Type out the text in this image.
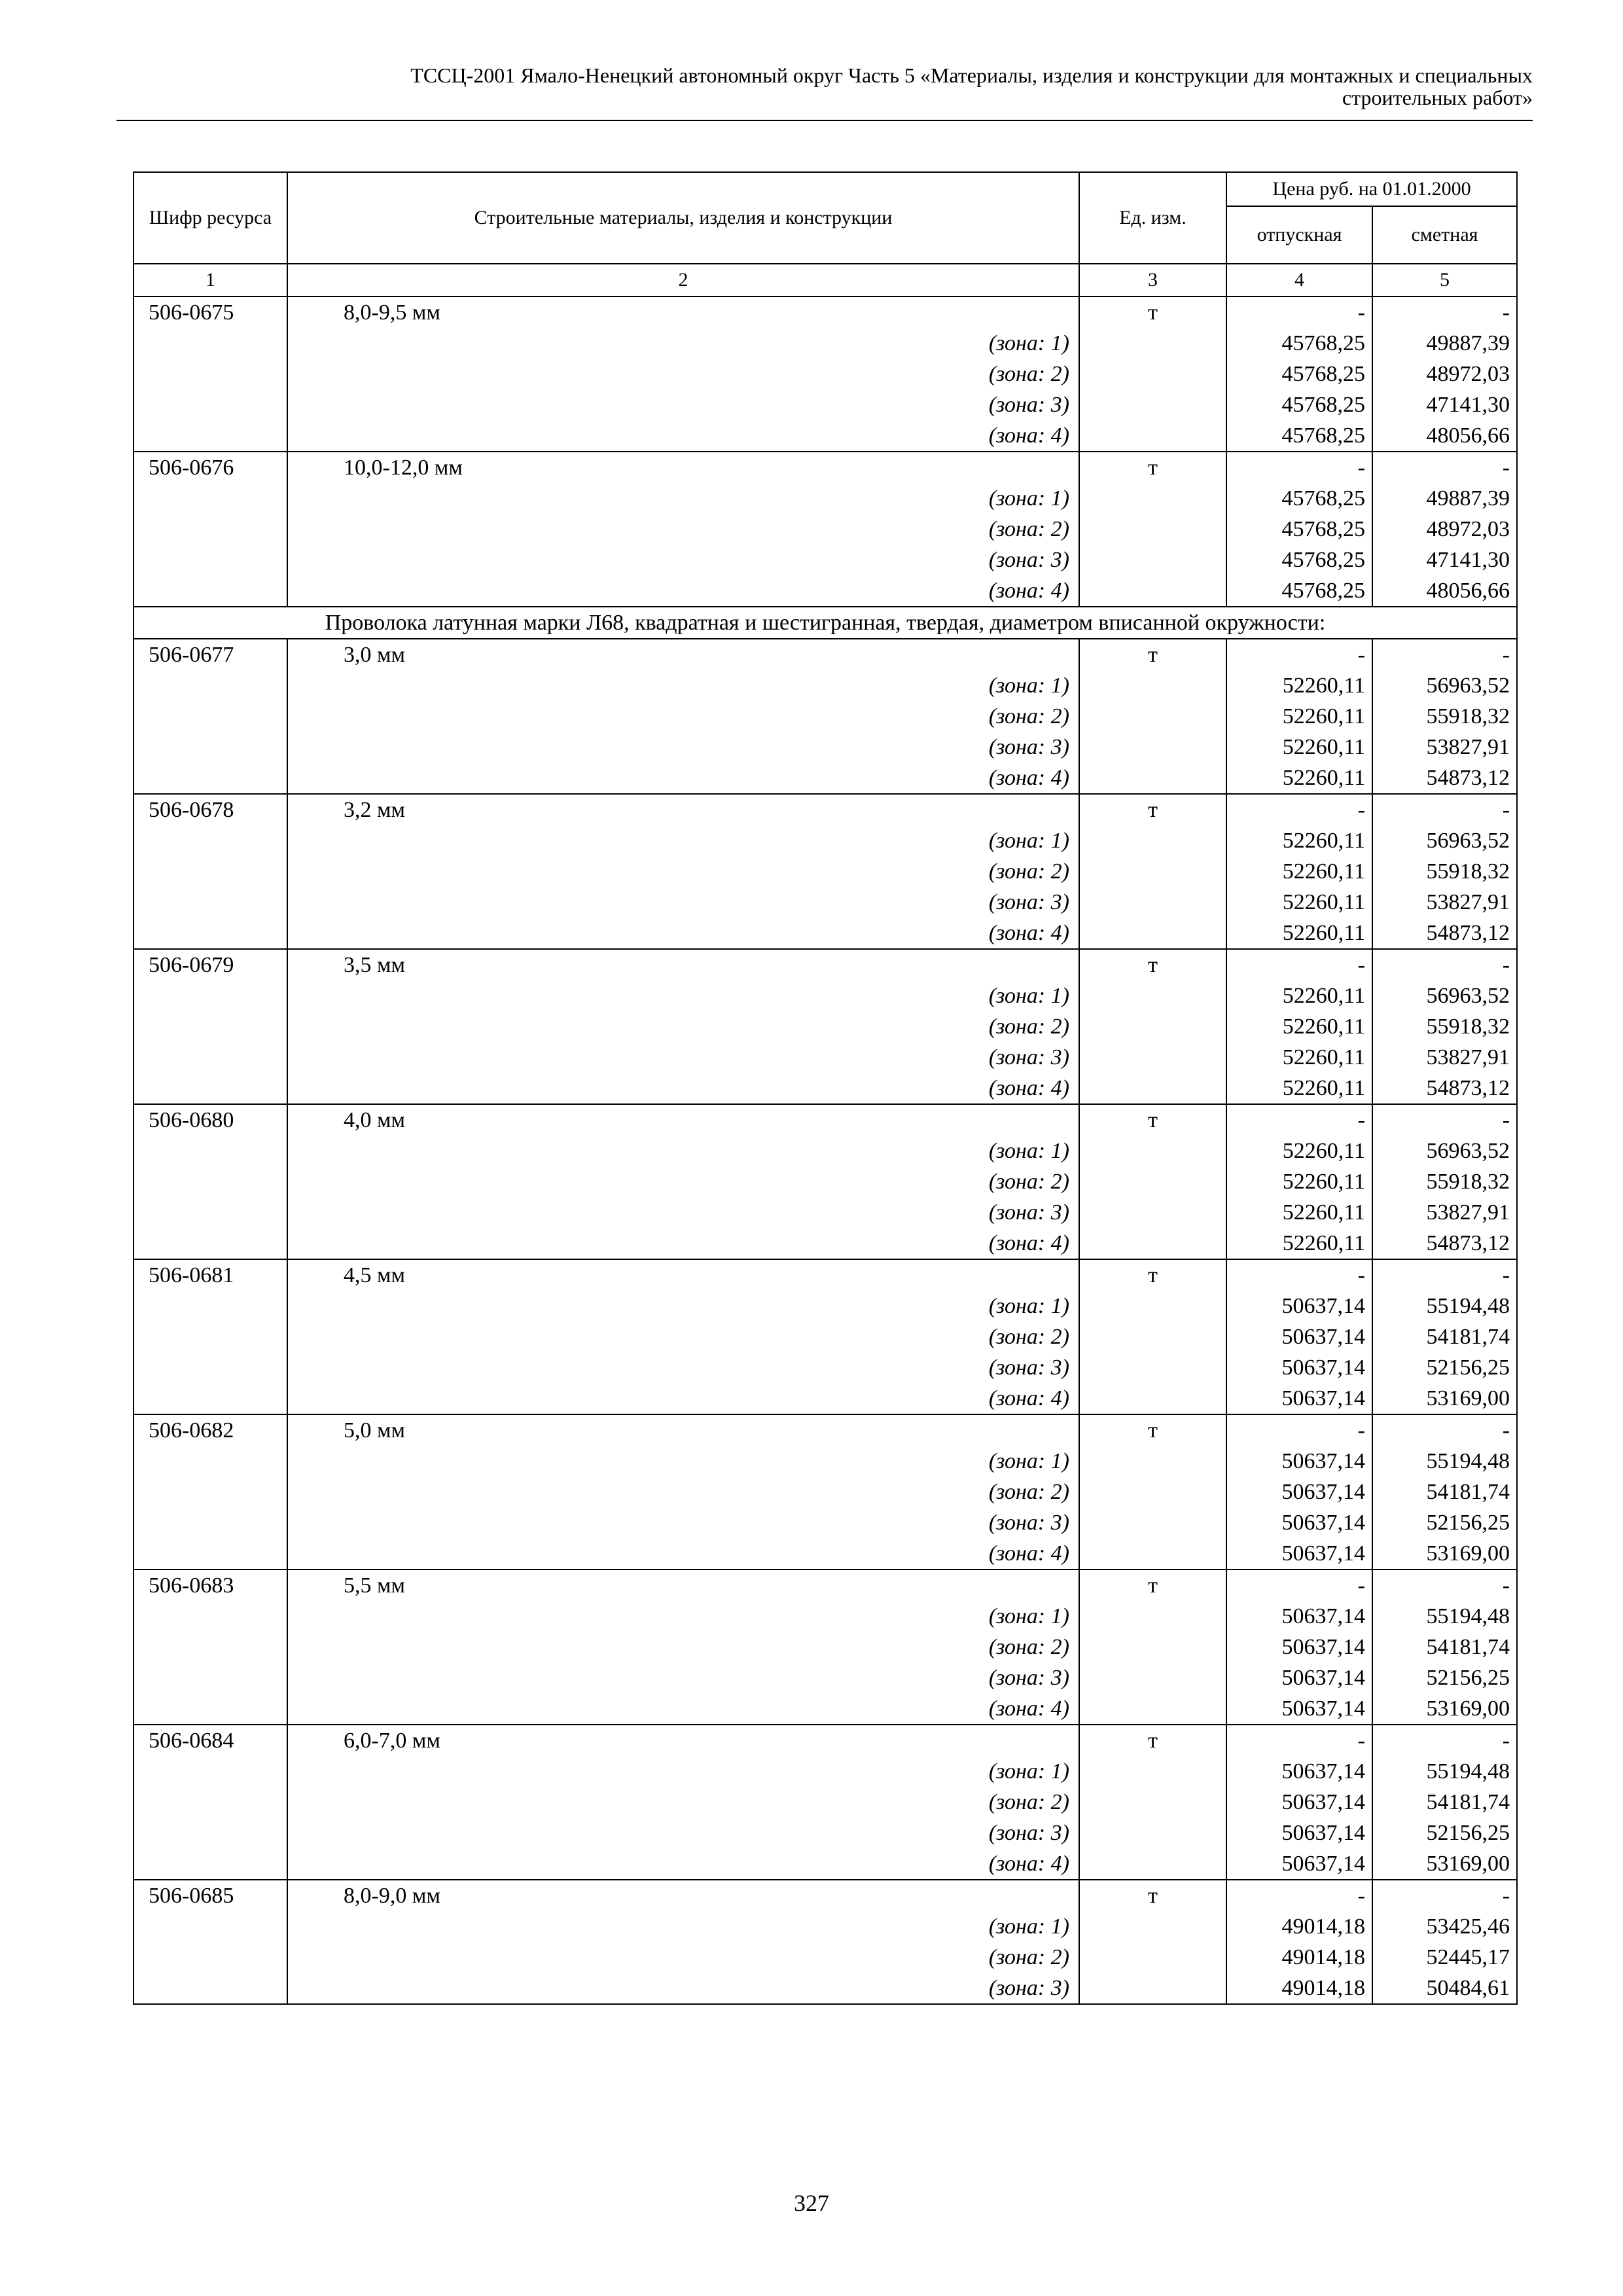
ТССЦ-2001 Ямало-Ненецкий автономный округ Часть 5 «Материалы, изделия и конструкции для монтажных и специальных
строительных работ»
Шифр ресурса	Строительные материалы, изделия и конструкции	Ед. изм.	Цена руб. на 01.01.2000	
			отпускная	сметная
1	2	3	4	5
506-0675	8,0-9,5 мм	т	-	-
	(зона: 1)		45768,25	49887,39
	(зона: 2)		45768,25	48972,03
	(зона: 3)		45768,25	47141,30
	(зона: 4)		45768,25	48056,66
506-0676	10,0-12,0 мм	т	-	-
	(зона: 1)		45768,25	49887,39
	(зона: 2)		45768,25	48972,03
	(зона: 3)		45768,25	47141,30
	(зона: 4)		45768,25	48056,66
Проволока латунная марки Л68, квадратная и шестигранная, твердая, диаметром вписанной окружности:				
506-0677	3,0 мм	т	-	-
	(зона: 1)		52260,11	56963,52
	(зона: 2)		52260,11	55918,32
	(зона: 3)		52260,11	53827,91
	(зона: 4)		52260,11	54873,12
506-0678	3,2 мм	т	-	-
	(зона: 1)		52260,11	56963,52
	(зона: 2)		52260,11	55918,32
	(зона: 3)		52260,11	53827,91
	(зона: 4)		52260,11	54873,12
506-0679	3,5 мм	т	-	-
	(зона: 1)		52260,11	56963,52
	(зона: 2)		52260,11	55918,32
	(зона: 3)		52260,11	53827,91
	(зона: 4)		52260,11	54873,12
506-0680	4,0 мм	т	-	-
	(зона: 1)		52260,11	56963,52
	(зона: 2)		52260,11	55918,32
	(зона: 3)		52260,11	53827,91
	(зона: 4)		52260,11	54873,12
506-0681	4,5 мм	т	-	-
	(зона: 1)		50637,14	55194,48
	(зона: 2)		50637,14	54181,74
	(зона: 3)		50637,14	52156,25
	(зона: 4)		50637,14	53169,00
506-0682	5,0 мм	т	-	-
	(зона: 1)		50637,14	55194,48
	(зона: 2)		50637,14	54181,74
	(зона: 3)		50637,14	52156,25
	(зона: 4)		50637,14	53169,00
506-0683	5,5 мм	т	-	-
	(зона: 1)		50637,14	55194,48
	(зона: 2)		50637,14	54181,74
	(зона: 3)		50637,14	52156,25
	(зона: 4)		50637,14	53169,00
506-0684	6,0-7,0 мм	т	-	-
	(зона: 1)		50637,14	55194,48
	(зона: 2)		50637,14	54181,74
	(зона: 3)		50637,14	52156,25
	(зона: 4)		50637,14	53169,00
506-0685	8,0-9,0 мм	т	-	-
	(зона: 1)		49014,18	53425,46
	(зона: 2)		49014,18	52445,17
	(зона: 3)		49014,18	50484,61
327
